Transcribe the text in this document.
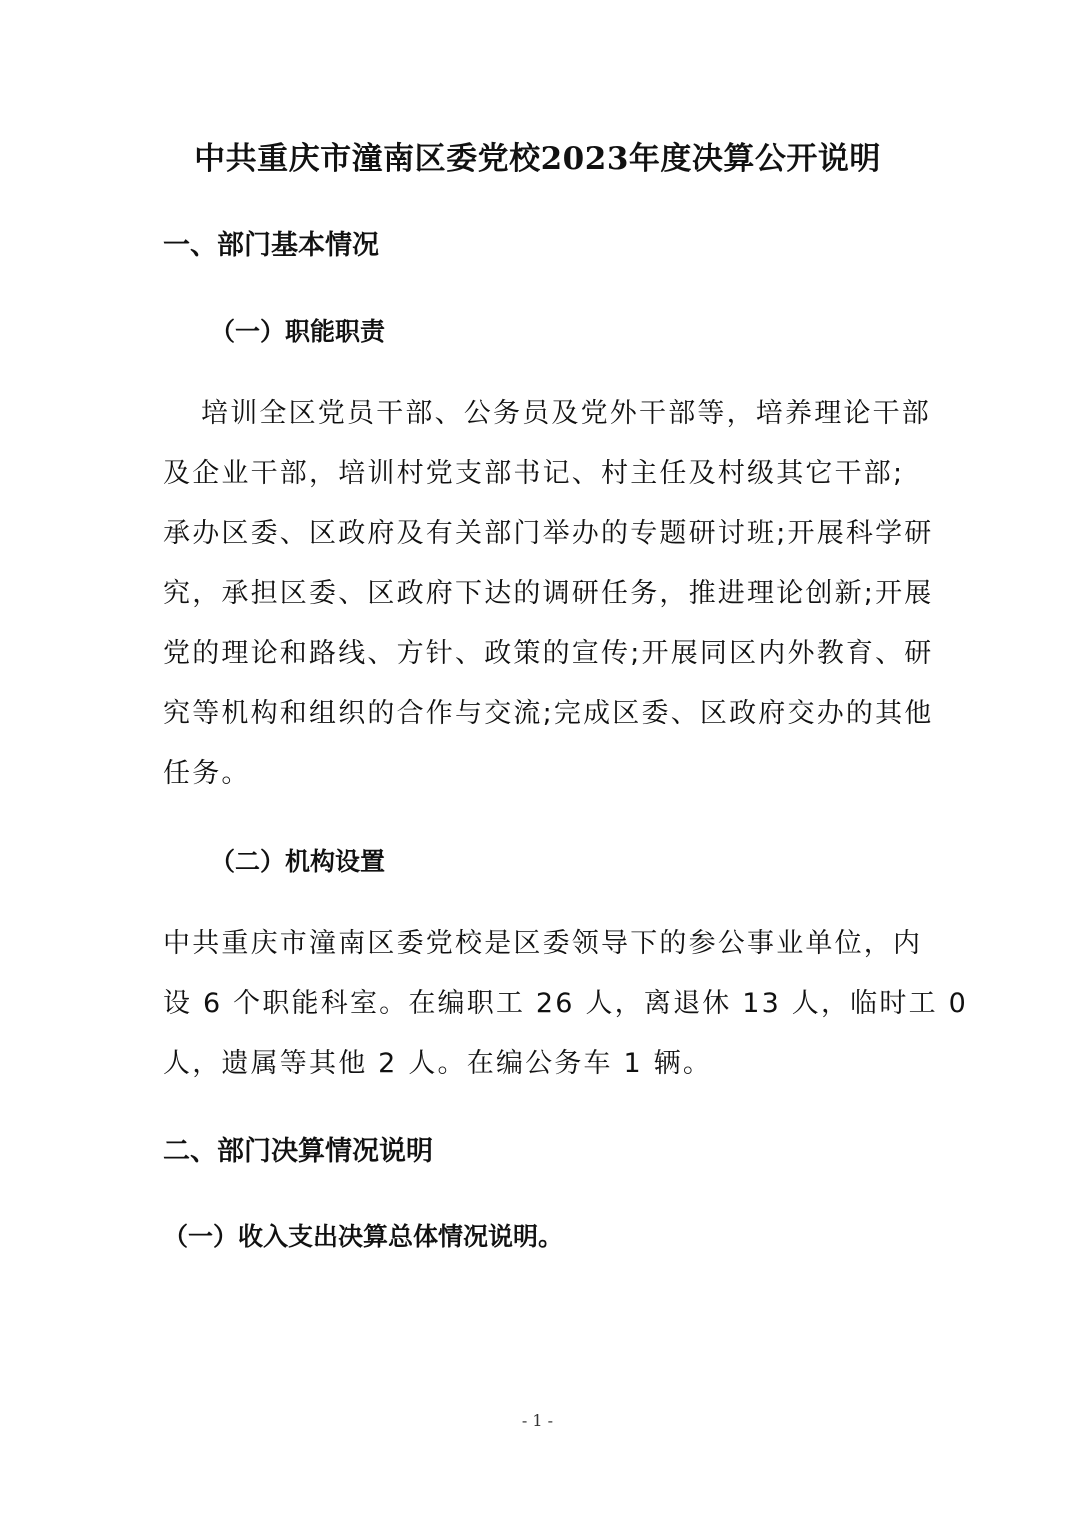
中共重庆市潼南区委党校2023年度决算公开说明
一、部门基本情况
（一）职能职责
培训全区党员干部、公务员及党外干部等，培养理论干部
及企业干部，培训村党支部书记、村主任及村级其它干部;
承办区委、区政府及有关部门举办的专题研讨班;开展科学研
究，承担区委、区政府下达的调研任务，推进理论创新;开展
党的理论和路线、方针、政策的宣传;开展同区内外教育、研
究等机构和组织的合作与交流;完成区委、区政府交办的其他
任务。
（二）机构设置
中共重庆市潼南区委党校是区委领导下的参公事业单位，内
设 6 个职能科室。在编职工 26 人，离退休 13 人，临时工 0
人，遗属等其他 2 人。在编公务车 1 辆。
二、部门决算情况说明
（一）收入支出决算总体情况说明。
- 1 -
